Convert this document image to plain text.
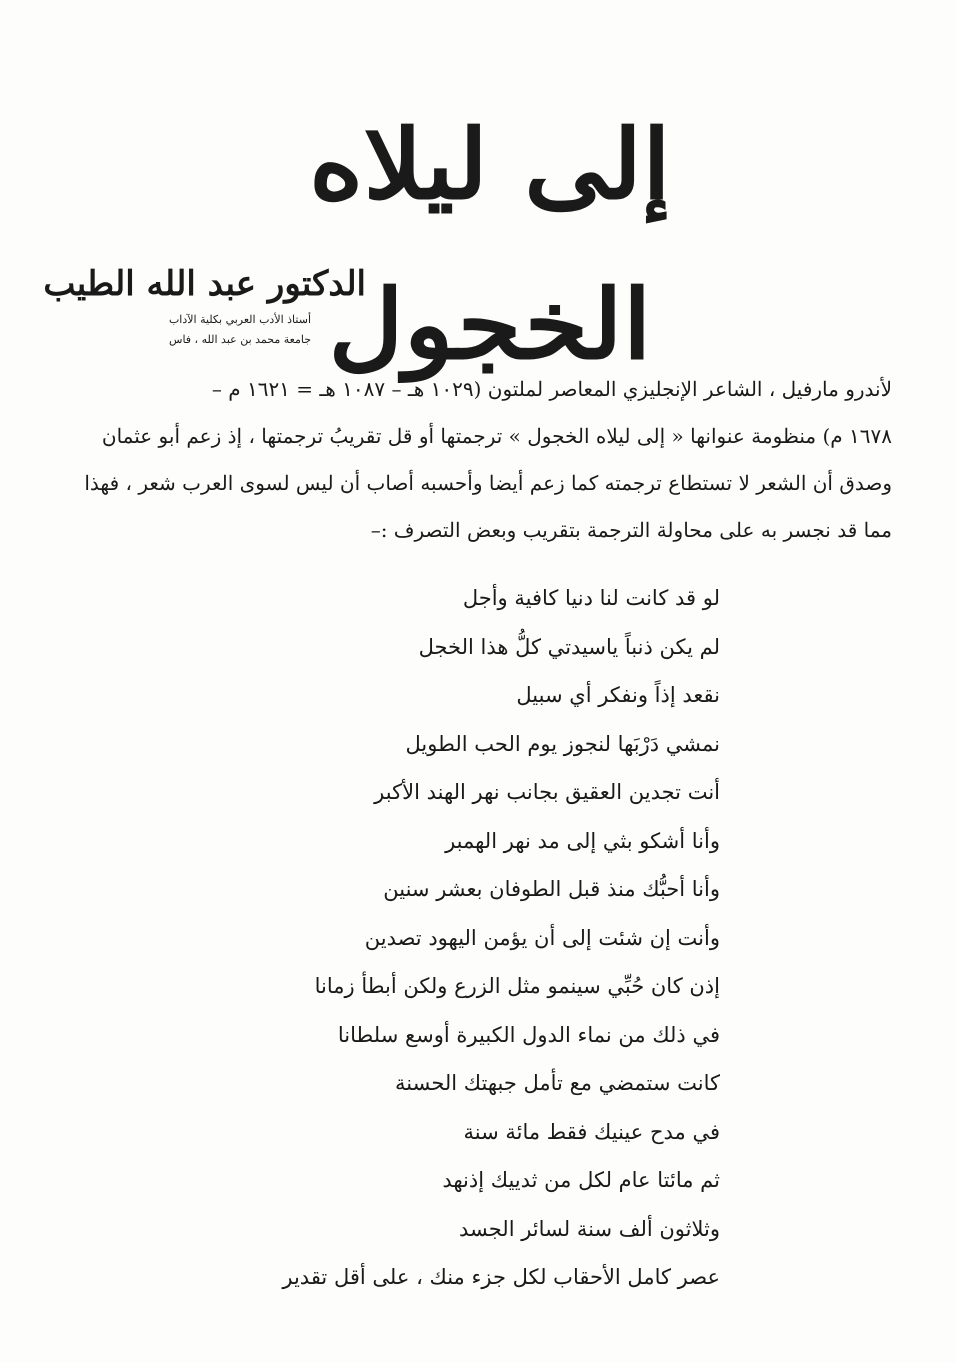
إلى ليلاه الخجول
الدكتور عبد الله الطيب
أستاذ الأدب العربي بكلية الآداب
جامعة محمد بن عبد الله ، فاس
لأندرو مارفيل ، الشاعر الإنجليزي المعاصر لملتون (١٠٢٩ هـ – ١٠٨٧ هـ = ١٦٢١ م –
١٦٧٨ م) منظومة عنوانها « إلى ليلاه الخجول » ترجمتها أو قل تقريبُ ترجمتها ، إذ زعم أبو عثمان
وصدق أن الشعر لا تستطاع ترجمته كما زعم أيضا وأحسبه أصاب أن ليس لسوى العرب شعر ، فهذا
مما قد نجسر به على محاولة الترجمة بتقريب وبعض التصرف :–
لو قد كانت لنا دنيا كافية وأجل
لم يكن ذنباً ياسيدتي كلُّ هذا الخجل
نقعد إذاً ونفكر أي سبيل
نمشي دَرْبَها لنجوز يوم الحب الطويل
أنت تجدين العقيق بجانب نهر الهند الأكبر
وأنا أشكو بثي إلى مد نهر الهمبر
وأنا أحبُّك منذ قبل الطوفان بعشر سنين
وأنت إن شئت إلى أن يؤمن اليهود تصدين
إذن كان حُبِّي سينمو مثل الزرع ولكن أبطأ زمانا
في ذلك من نماء الدول الكبيرة أوسع سلطانا
كانت ستمضي مع تأمل جبهتك الحسنة
في مدح عينيك فقط مائة سنة
ثم مائتا عام لكل من ثدييك إذنهد
وثلاثون ألف سنة لسائر الجسد
عصر كامل الأحقاب لكل جزء منك ، على أقل تقدير
